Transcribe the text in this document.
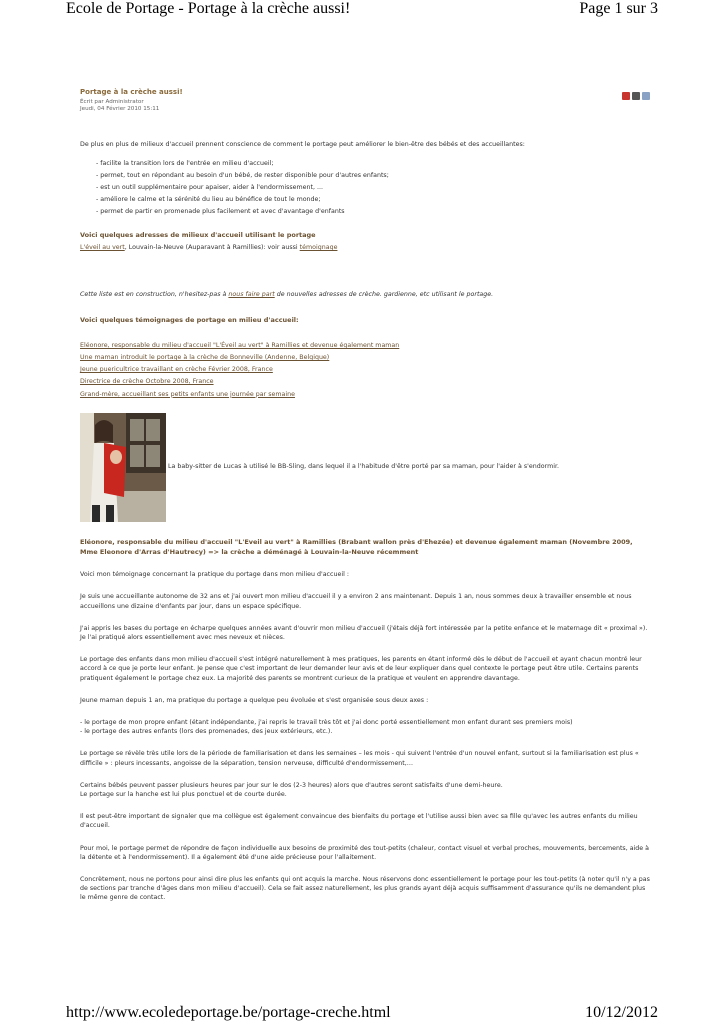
Ecole de Portage - Portage à la crèche aussi!	Page 1 sur 3

Portage à la crèche aussi!

Écrit par Administrator

Jeudi, 04 Février 2010 15:11

De plus en plus de milieux d'accueil prennent conscience de comment le portage peut améliorer le bien-être des bébés et des accueillantes:

- facilite la transition lors de l'entrée en milieu d'accueil;
- permet, tout en répondant au besoin d'un bébé, de rester disponible pour d'autres enfants;
- est un outil supplémentaire pour apaiser, aider à l'endormissement, ...
- améliore le calme et la sérénité du lieu au bénéfice de tout le monde;
- permet de partir en promenade plus facilement et avec d'avantage d'enfants
Voici quelques adresses de milieux d'accueil utilisant le portage

L'éveil au vert, Louvain-la-Neuve (Auparavant à Ramillies): voir aussi témoignage

Cette liste est en construction, n'hesitez-pas à nous faire part de nouvelles adresses de crèche. gardienne, etc utilisant le portage.

Voici quelques témoignages de portage en milieu d'accueil:
Eléonore, responsable du milieu d'accueil "L'Éveil au vert" à Ramillies et devenue également maman
Une maman introduit le portage à la crèche de Bonneville (Andenne, Belgique)
Jeune puericultrice travaillant en crèche Février 2008, France
Directrice de crèche Octobre 2008, France
Grand-mère, accueillant ses petits enfants une journée par semaine

La baby-sitter de Lucas à utilisé le BB-Sling, dans lequel il a l'habitude d'être porté par sa maman, pour l'aider à s'endormir.

Eléonore, responsable du milieu d'accueil "L'Eveil au vert" à Ramillies (Brabant wallon près d'Ehezée) et devenue également maman (Novembre 2009, Mme Eleonore d'Arras d'Hautrecy) => la crèche a déménagé à Louvain-la-Neuve récemment

Voici mon témoignage concernant la pratique du portage dans mon milieu d'accueil :

Je suis une accueillante autonome de 32 ans et j'ai ouvert mon milieu d'accueil il y a environ 2 ans maintenant. Depuis 1 an, nous sommes deux à travailler ensemble et nous accueillons une dizaine d'enfants par jour, dans un espace spécifique.

J'ai appris les bases du portage en écharpe quelques années avant d'ouvrir mon milieu d'accueil (j'étais déjà fort intéressée par la petite enfance et le maternage dit « proximal »). Je l'ai pratiqué alors essentiellement avec mes neveux et nièces.

Le portage des enfants dans mon milieu d'accueil s'est intégré naturellement à mes pratiques, les parents en étant informé dès le début de l'accueil et ayant chacun montré leur accord à ce que je porte leur enfant. Je pense que c'est important de leur demander leur avis et de leur expliquer dans quel contexte le portage peut être utile. Certains parents pratiquent également le portage chez eux. La majorité des parents se montrent curieux de la pratique et veulent en apprendre davantage.

Jeune maman depuis 1 an, ma pratique du portage a quelque peu évoluée et s'est organisée sous deux axes :

- le portage de mon propre enfant (étant indépendante, j'ai repris le travail très tôt et j'ai donc porté essentiellement mon enfant durant ses premiers mois)

- le portage des autres enfants (lors des promenades, des jeux extérieurs, etc.).

Le portage se révèle très utile lors de la période de familiarisation et dans les semaines – les mois - qui suivent l'entrée d'un nouvel enfant, surtout si la familiarisation est plus « difficile » : pleurs incessants, angoisse de la séparation, tension nerveuse, difficulté d'endormissement,…

Certains bébés peuvent passer plusieurs heures par jour sur le dos (2-3 heures) alors que d'autres seront satisfaits d'une demi-heure.

Le portage sur la hanche est lui plus ponctuel et de courte durée.

Il est peut-être important de signaler que ma collègue est également convaincue des bienfaits du portage et l'utilise aussi bien avec sa fille qu'avec les autres enfants du milieu d'accueil.

Pour moi, le portage permet de répondre de façon individuelle aux besoins de proximité des tout-petits (chaleur, contact visuel et verbal proches, mouvements, bercements, aide à la détente et à l'endormissement). Il a également été d'une aide précieuse pour l'allaitement.

Concrètement, nous ne portons pour ainsi dire plus les enfants qui ont acquis la marche. Nous réservons donc essentiellement le portage pour les tout-petits (à noter qu'il n'y a pas de sections par tranche d'âges dans mon milieu d'accueil). Cela se fait assez naturellement, les plus grands ayant déjà acquis suffisamment d'assurance qu'ils ne demandent plus le même genre de contact.

http://www.ecoledeportage.be/portage-creche.html	10/12/2012
